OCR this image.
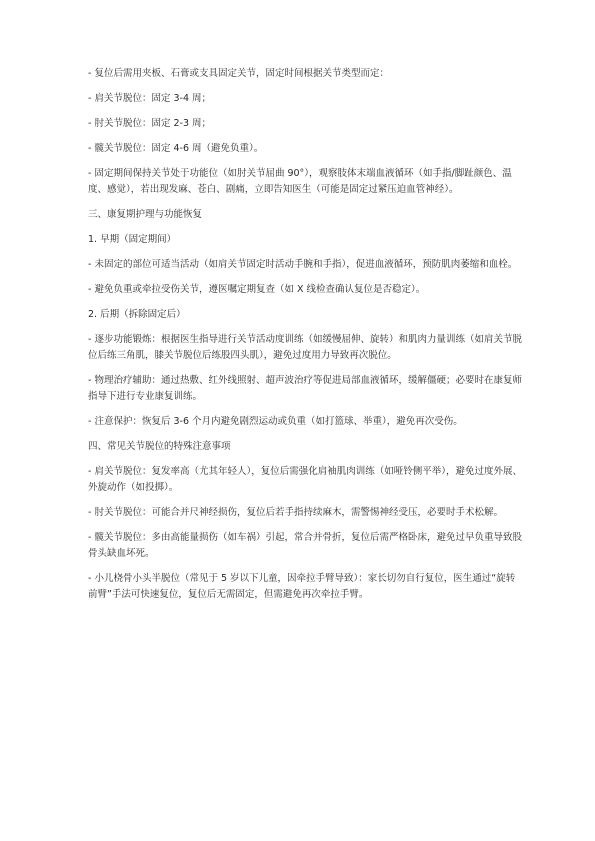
- 复位后需用夹板、石膏或支具固定关节，固定时间根据关节类型而定：

- 肩关节脱位：固定 3-4 周；

- 肘关节脱位：固定 2-3 周；

- 髋关节脱位：固定 4-6 周（避免负重）。

- 固定期间保持关节处于功能位（如肘关节屈曲 90°），观察肢体末端血液循环（如手指/脚趾颜色、温度、感觉），若出现发麻、苍白、剧痛，立即告知医生（可能是固定过紧压迫血管神经）。

三、康复期护理与功能恢复

1. 早期（固定期间）

- 未固定的部位可适当活动（如肩关节固定时活动手腕和手指），促进血液循环，预防肌肉萎缩和血栓。

- 避免负重或牵拉受伤关节，遵医嘱定期复查（如 X 线检查确认复位是否稳定）。

2. 后期（拆除固定后）

- 逐步功能锻炼：根据医生指导进行关节活动度训练（如缓慢屈伸、旋转）和肌肉力量训练（如肩关节脱位后练三角肌，膝关节脱位后练股四头肌），避免过度用力导致再次脱位。

- 物理治疗辅助：通过热敷、红外线照射、超声波治疗等促进局部血液循环，缓解僵硬；必要时在康复师指导下进行专业康复训练。

- 注意保护：恢复后 3-6 个月内避免剧烈运动或负重（如打篮球、举重），避免再次受伤。

四、常见关节脱位的特殊注意事项

- 肩关节脱位：复发率高（尤其年轻人），复位后需强化肩袖肌肉训练（如哑铃侧平举），避免过度外展、外旋动作（如投掷）。

- 肘关节脱位：可能合并尺神经损伤，复位后若手指持续麻木，需警惕神经受压，必要时手术松解。

- 髋关节脱位：多由高能量损伤（如车祸）引起，常合并骨折，复位后需严格卧床，避免过早负重导致股骨头缺血坏死。

- 小儿桡骨小头半脱位（常见于 5 岁以下儿童，因牵拉手臂导致）：家长切勿自行复位，医生通过“旋转前臂”手法可快速复位，复位后无需固定，但需避免再次牵拉手臂。
